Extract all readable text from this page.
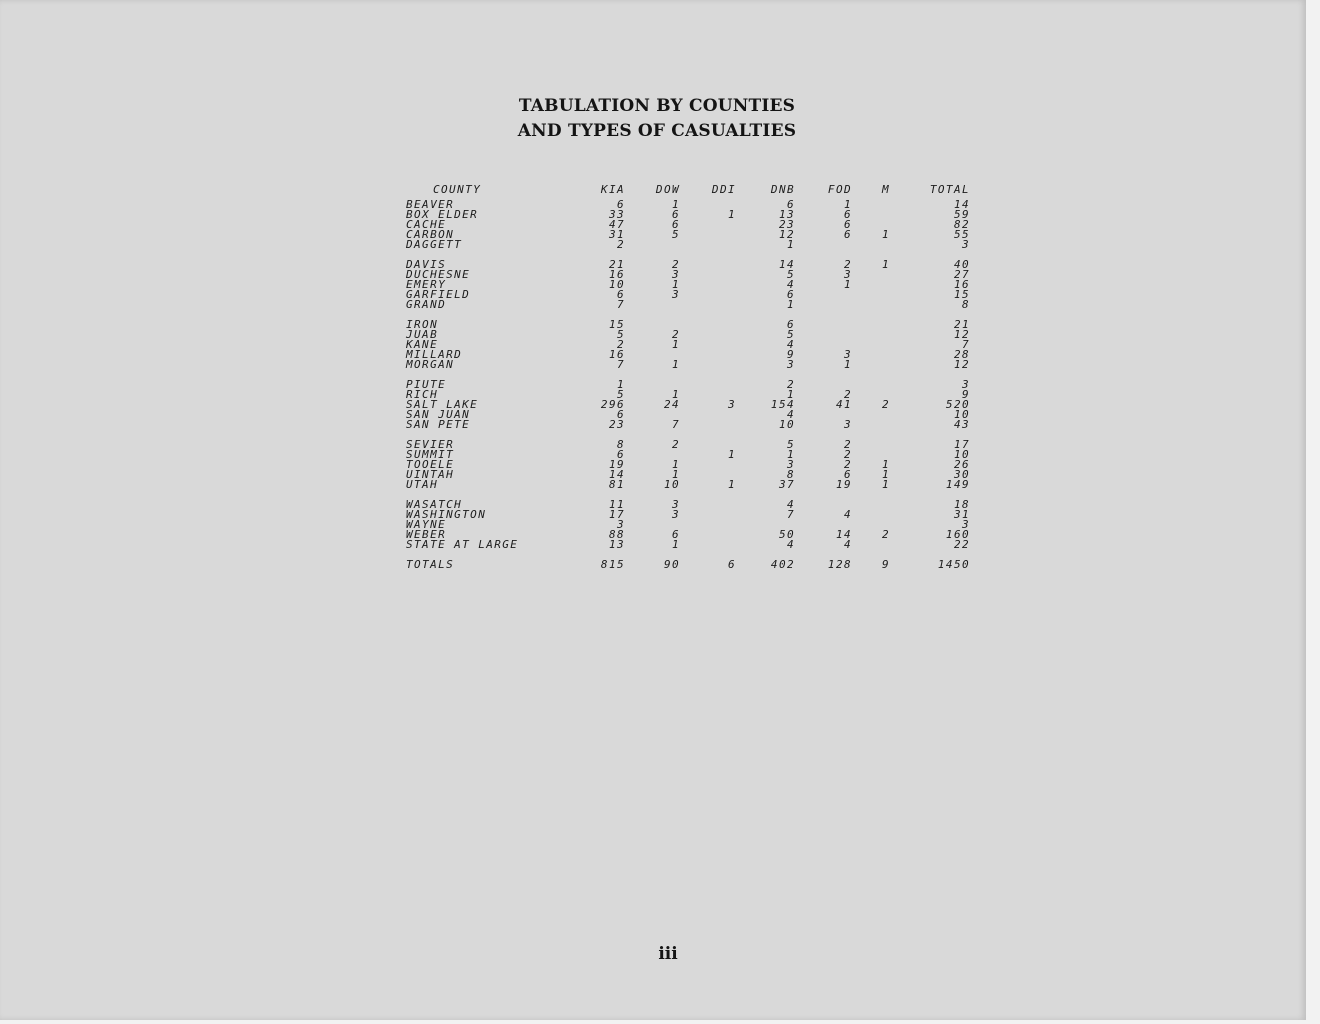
TABULATION BY COUNTIES
AND TYPES OF CASUALTIES
COUNTY	KIA	DOW	DDI	DNB	FOD	M	TOTAL
BEAVER	6	1		6	1		14
BOX ELDER	33	6	1	13	6		59
CACHE	47	6		23	6		82
CARBON	31	5		12	6	1	55
DAGGETT	2			1			3

DAVIS	21	2		14	2	1	40
DUCHESNE	16	3		5	3		27
EMERY	10	1		4	1		16
GARFIELD	6	3		6			15
GRAND	7			1			8

IRON	15			6			21
JUAB	5	2		5			12
KANE	2	1		4			7
MILLARD	16			9	3		28
MORGAN	7	1		3	1		12

PIUTE	1			2			3
RICH	5	1		1	2		9
SALT LAKE	296	24	3	154	41	2	520
SAN JUAN	6			4			10
SAN PETE	23	7		10	3		43

SEVIER	8	2		5	2		17
SUMMIT	6		1	1	2		10
TOOELE	19	1		3	2	1	26
UINTAH	14	1		8	6	1	30
UTAH	81	10	1	37	19	1	149

WASATCH	11	3		4			18
WASHINGTON	17	3		7	4		31
WAYNE	3						3
WEBER	88	6		50	14	2	160
STATE AT LARGE	13	1		4	4		22

TOTALS	815	90	6	402	128	9	1450
iii
